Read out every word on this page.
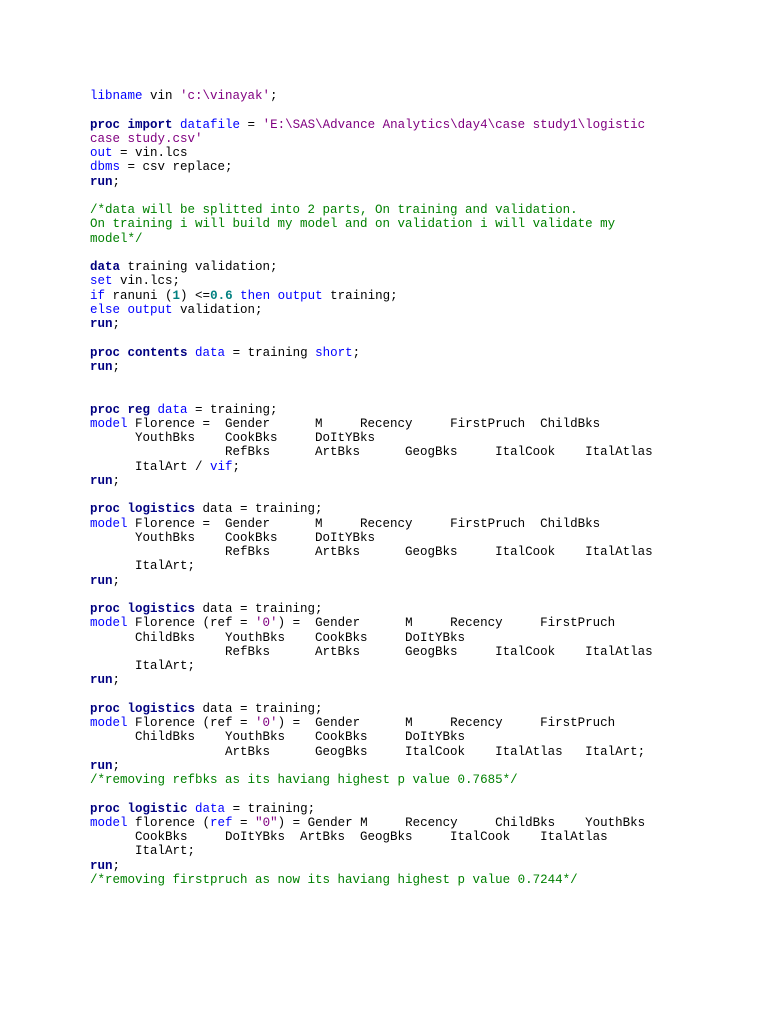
libname vin 'c:\vinayak';

proc import datafile = 'E:\SAS\Advance Analytics\day4\case study1\logistic
case study.csv'
out = vin.lcs
dbms = csv replace;
run;

/*data will be splitted into 2 parts, On training and validation.
On training i will build my model and on validation i will validate my
model*/

data training validation;
set vin.lcs;
if ranuni (1) <=0.6 then output training;
else output validation;
run;

proc contents data = training short;
run;

proc reg data = training;
model Florence =  Gender      M     Recency     FirstPruch  ChildBks
YouthBks    CookBks     DoItYBks
RefBks      ArtBks      GeogBks     ItalCook    ItalAtlas
ItalArt / vif;
run;

proc logistics data = training;
model Florence =  Gender      M     Recency     FirstPruch  ChildBks
YouthBks    CookBks     DoItYBks
RefBks      ArtBks      GeogBks     ItalCook    ItalAtlas
ItalArt;
run;

proc logistics data = training;
model Florence (ref = '0') =  Gender      M     Recency     FirstPruch
ChildBks    YouthBks    CookBks     DoItYBks
RefBks      ArtBks      GeogBks     ItalCook    ItalAtlas
ItalArt;
run;

proc logistics data = training;
model Florence (ref = '0') =  Gender      M     Recency     FirstPruch
ChildBks    YouthBks    CookBks     DoItYBks
ArtBks      GeogBks     ItalCook    ItalAtlas   ItalArt;
run;
/*removing refbks as its haviang highest p value 0.7685*/

proc logistic data = training;
model florence (ref = "0") = Gender M     Recency     ChildBks    YouthBks
CookBks     DoItYBks  ArtBks  GeogBks     ItalCook    ItalAtlas
ItalArt;
run;
/*removing firstpruch as now its haviang highest p value 0.7244*/
